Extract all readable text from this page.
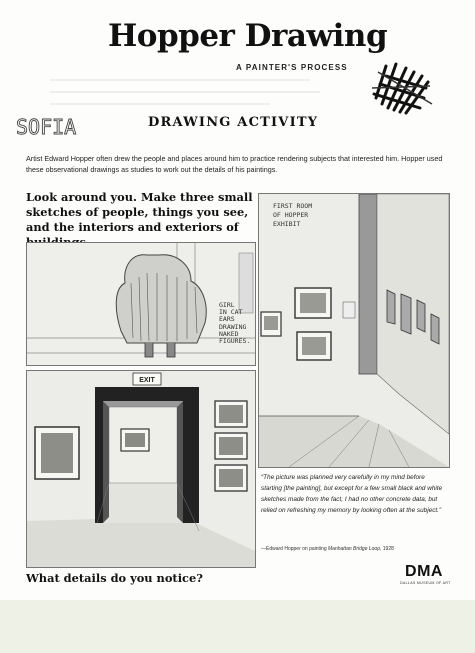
Hopper Drawing
A PAINTER'S PROCESS
SOFIA	DRAWING ACTIVITY
Artist Edward Hopper often drew the people and places around him to practice rendering subjects that interested him. Hopper used these observational drawings as studies to work out the details of his paintings.
Look around you. Make three small sketches of people, things you see, and the interiors and exteriors of
GIRL
IN CAT
EARS
DRAWING
NAKED
FIGURES.
FIRST ROOM
OF HOPPER
EXHIBIT
EXIT
“The picture was planned very carefully in my mind before starting [the painting], but except for a few small black and white sketches made from the fact, I had no other concrete data, but relied on refreshing my memory by looking often at the subject.”
—Edward Hopper on painting Manhattan Bridge Loop, 1928
What details do you notice?	DMA
DALLAS MUSEUM OF ART
